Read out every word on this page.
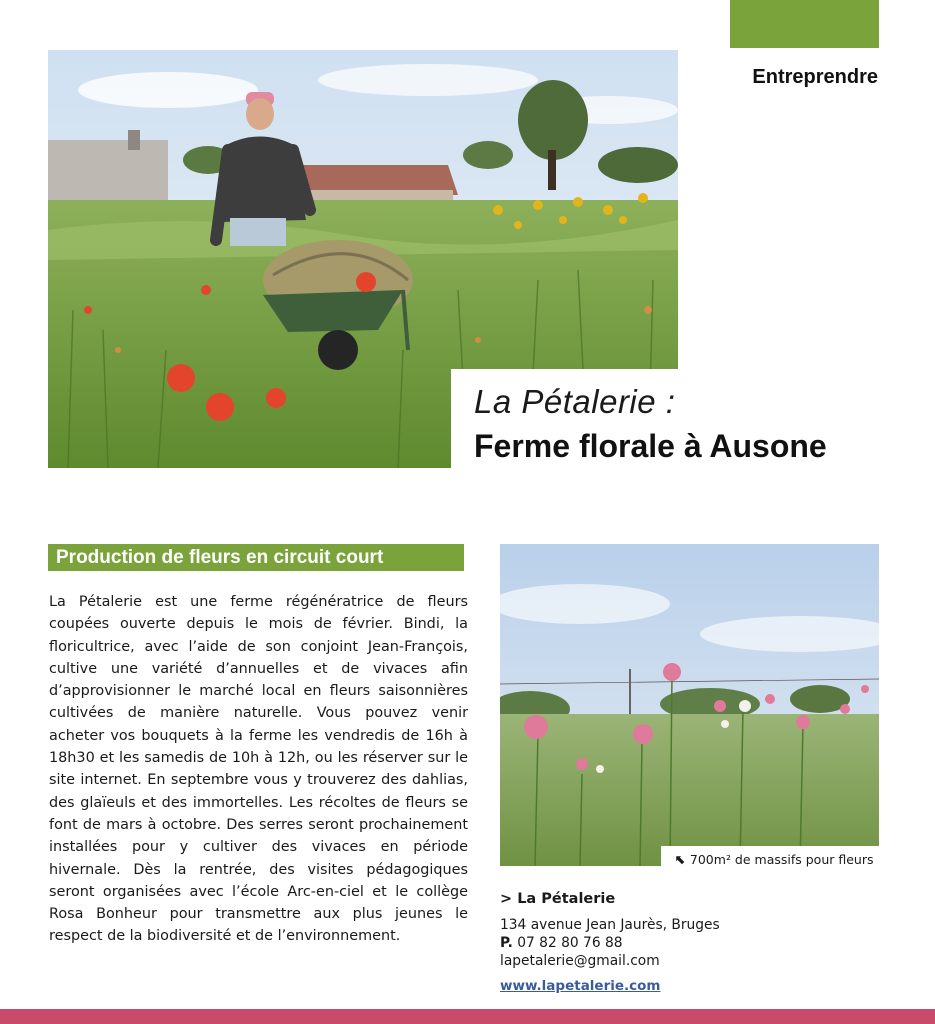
Entreprendre
La Pétalerie :
Ferme florale à Ausone
Production de fleurs en circuit court

La Pétalerie est une ferme régénératrice de fleurs coupées ouverte depuis le mois de février. Bindi, la floricultrice, avec l’aide de son conjoint Jean-François, cultive une variété d’annuelles et de vivaces afin d’approvisionner le marché local en fleurs saisonnières cultivées de manière naturelle. Vous pouvez venir acheter vos bouquets à la ferme les vendredis de 16h à 18h30 et les samedis de 10h à 12h, ou les réserver sur le site internet. En septembre vous y trouverez des dahlias, des glaïeuls et des immortelles. Les récoltes de fleurs se font de mars à octobre. Des serres seront prochainement installées pour y cultiver des vivaces en période hivernale. Dès la rentrée, des visites pédagogiques seront organisées avec l’école Arc-en-ciel et le collège Rosa Bonheur pour transmettre aux plus jeunes le respect de la biodiversité et de l’environnement.

⬉ 700m² de massifs pour fleurs
> La Pétalerie
134 avenue Jean Jaurès, Bruges
P. 07 82 80 76 88
lapetalerie@gmail.com
www.lapetalerie.com
